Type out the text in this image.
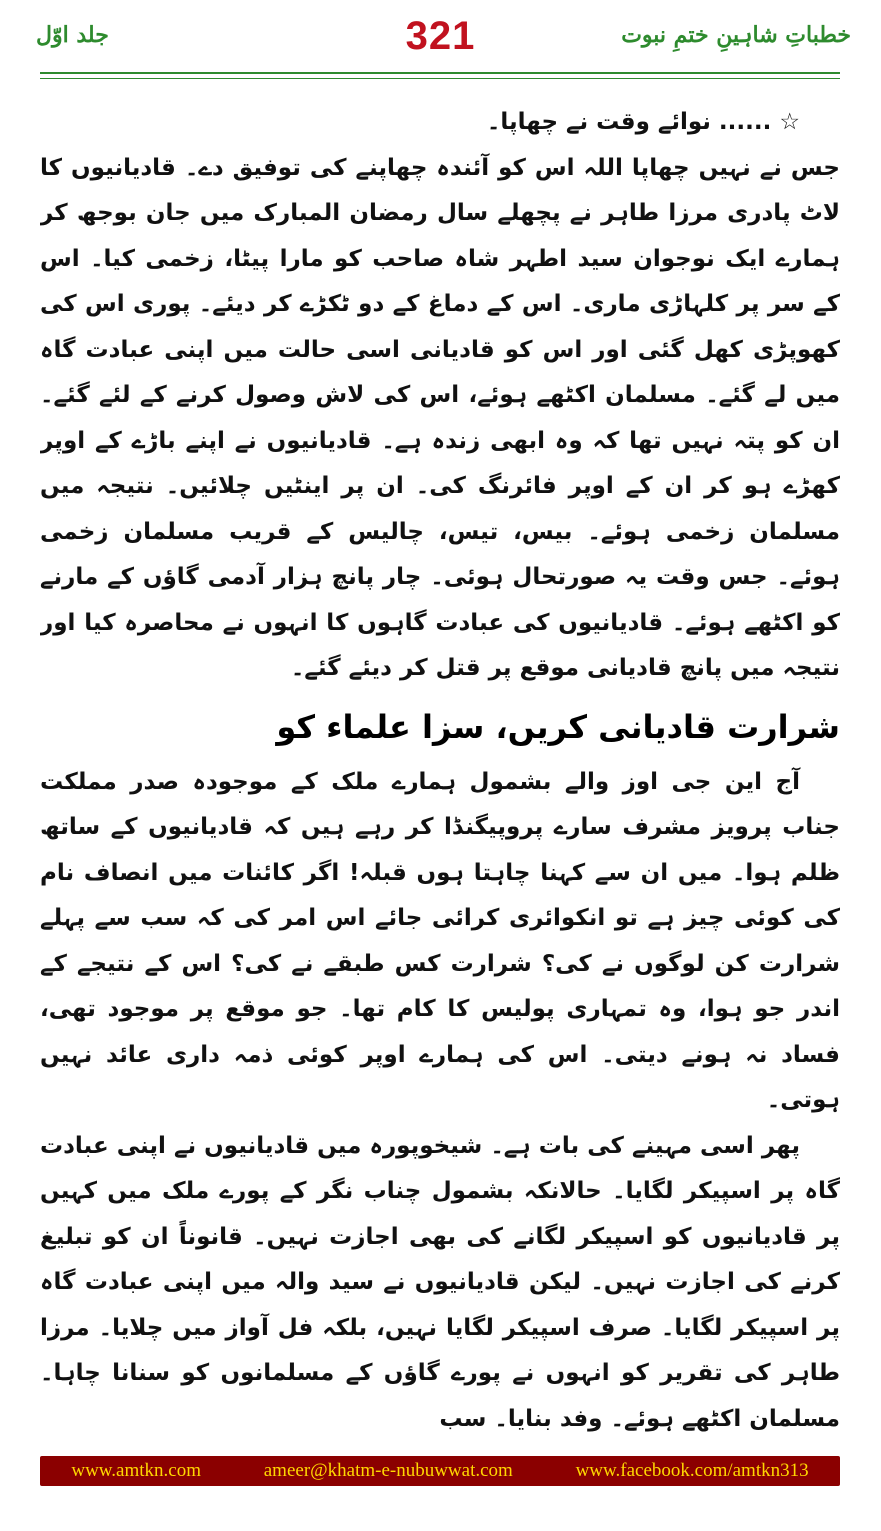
جلد اوّل	321	خطباتِ شاہینِ ختمِ نبوت

☆ ...... نوائے وقت نے چھاپا۔

جس نے نہیں چھاپا اللہ اس کو آئندہ چھاپنے کی توفیق دے۔ قادیانیوں کا لاٹ پادری مرزا طاہر نے پچھلے سال رمضان المبارک میں جان بوجھ کر ہمارے ایک نوجوان سید اطہر شاہ صاحب کو مارا پیٹا، زخمی کیا۔ اس کے سر پر کلہاڑی ماری۔ اس کے دماغ کے دو ٹکڑے کر دیئے۔ پوری اس کی کھوپڑی کھل گئی اور اس کو قادیانی اسی حالت میں اپنی عبادت گاہ میں لے گئے۔ مسلمان اکٹھے ہوئے، اس کی لاش وصول کرنے کے لئے گئے۔ ان کو پتہ نہیں تھا کہ وہ ابھی زندہ ہے۔ قادیانیوں نے اپنے باڑے کے اوپر کھڑے ہو کر ان کے اوپر فائرنگ کی۔ ان پر اینٹیں چلائیں۔ نتیجہ میں مسلمان زخمی ہوئے۔ بیس، تیس، چالیس کے قریب مسلمان زخمی ہوئے۔ جس وقت یہ صورتحال ہوئی۔ چار پانچ ہزار آدمی گاؤں کے مارنے کو اکٹھے ہوئے۔ قادیانیوں کی عبادت گاہوں کا انہوں نے محاصرہ کیا اور نتیجہ میں پانچ قادیانی موقع پر قتل کر دیئے گئے۔

شرارت قادیانی کریں، سزا علماء کو

آج این جی اوز والے بشمول ہمارے ملک کے موجودہ صدر مملکت جناب پرویز مشرف سارے پروپیگنڈا کر رہے ہیں کہ قادیانیوں کے ساتھ ظلم ہوا۔ میں ان سے کہنا چاہتا ہوں قبلہ! اگر کائنات میں انصاف نام کی کوئی چیز ہے تو انکوائری کرائی جائے اس امر کی کہ سب سے پہلے شرارت کن لوگوں نے کی؟ شرارت کس طبقے نے کی؟ اس کے نتیجے کے اندر جو ہوا، وہ تمہاری پولیس کا کام تھا۔ جو موقع پر موجود تھی، فساد نہ ہونے دیتی۔ اس کی ہمارے اوپر کوئی ذمہ داری عائد نہیں ہوتی۔

پھر اسی مہینے کی بات ہے۔ شیخوپورہ میں قادیانیوں نے اپنی عبادت گاہ پر اسپیکر لگایا۔ حالانکہ بشمول چناب نگر کے پورے ملک میں کہیں پر قادیانیوں کو اسپیکر لگانے کی بھی اجازت نہیں۔ قانوناً ان کو تبلیغ کرنے کی اجازت نہیں۔ لیکن قادیانیوں نے سید والہ میں اپنی عبادت گاہ پر اسپیکر لگایا۔ صرف اسپیکر لگایا نہیں، بلکہ فل آواز میں چلایا۔ مرزا طاہر کی تقریر کو انہوں نے پورے گاؤں کے مسلمانوں کو سنانا چاہا۔ مسلمان اکٹھے ہوئے۔ وفد بنایا۔ سب

www.amtkn.com	ameer@khatm-e-nubuwwat.com	www.facebook.com/amtkn313
